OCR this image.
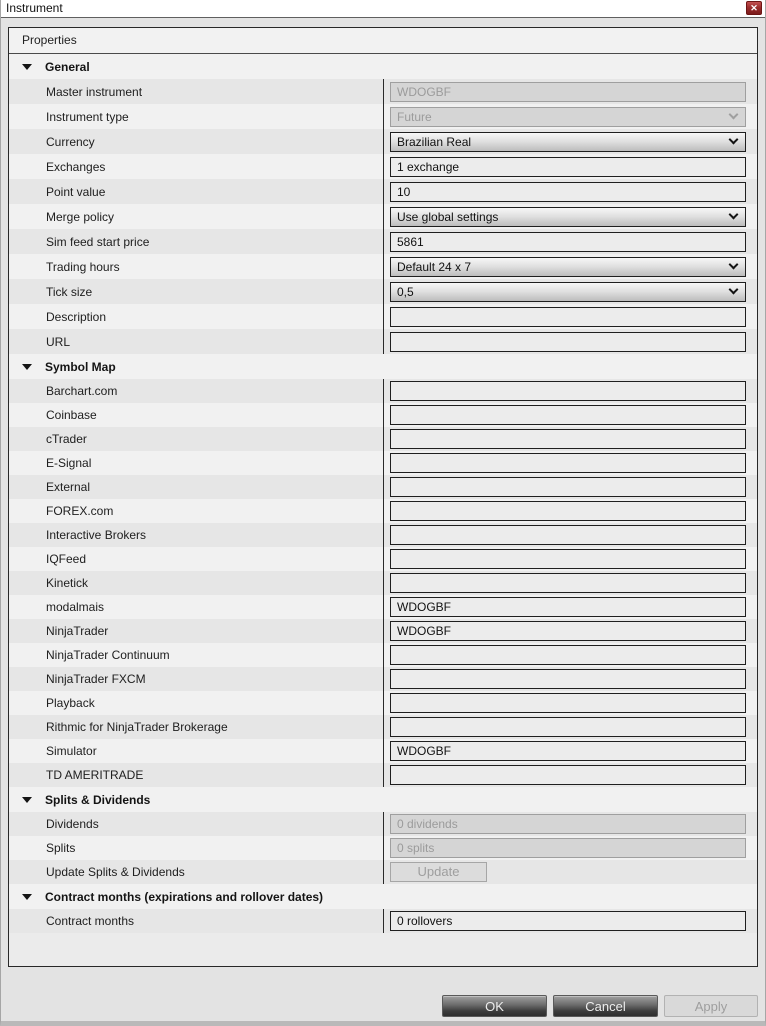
Instrument	✕
Properties
General
Master instrument	WDOGBF
Instrument type	Future
Currency	Brazilian Real
Exchanges	1 exchange
Point value	10
Merge policy	Use global settings
Sim feed start price	5861
Trading hours	Default 24 x 7
Tick size	0,5
Description
URL
Symbol Map
Barchart.com
Coinbase
cTrader
E-Signal
External
FOREX.com
Interactive Brokers
IQFeed
Kinetick
modalmais	WDOGBF
NinjaTrader	WDOGBF
NinjaTrader Continuum
NinjaTrader FXCM
Playback
Rithmic for NinjaTrader Brokerage
Simulator	WDOGBF
TD AMERITRADE
Splits & Dividends
Dividends	0 dividends
Splits	0 splits
Update Splits & Dividends	Update
Contract months (expirations and rollover dates)
Contract months	0 rollovers
OK	Cancel	Apply
